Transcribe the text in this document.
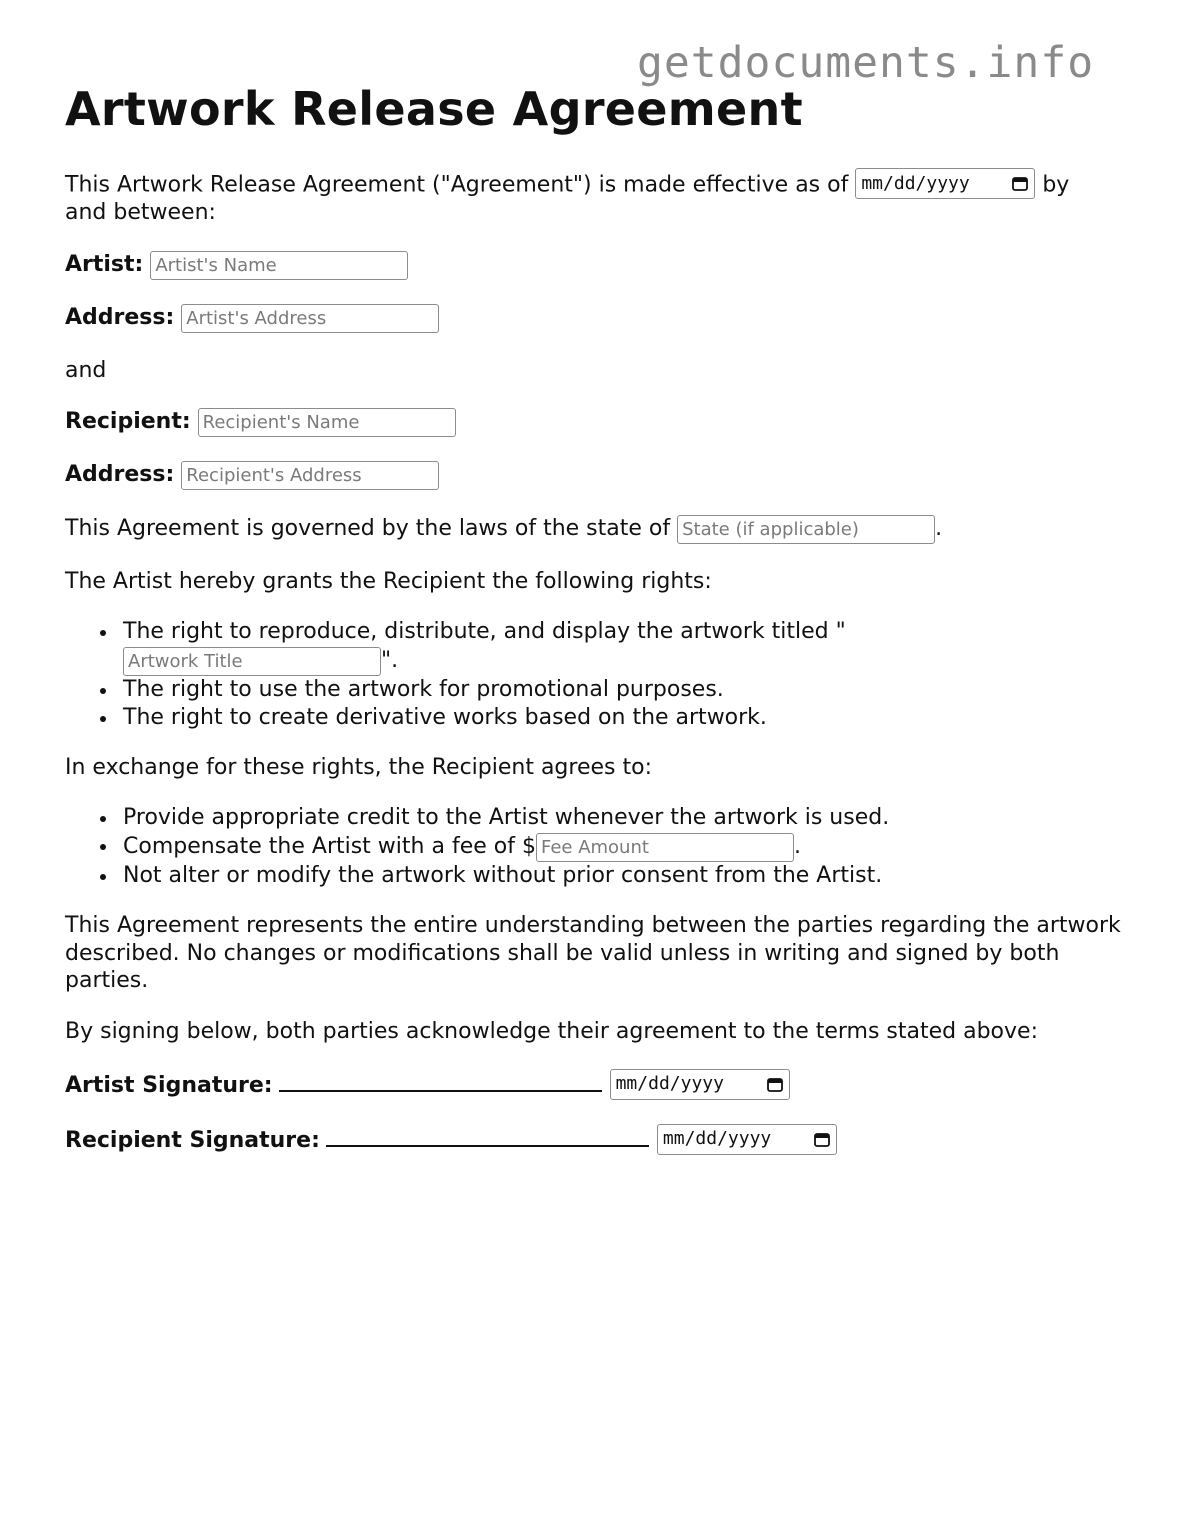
getdocuments.info
Artwork Release Agreement
This Artwork Release Agreement ("Agreement") is made effective as of mm/dd/yyyy	by
and between:
Artist: Artist's Name
Address: Artist's Address
and
Recipient: Recipient's Name
Address: Recipient's Address
This Agreement is governed by the laws of the state of State (if applicable)	.
The Artist hereby grants the Recipient the following rights:
The right to reproduce, distribute, and display the artwork titled "
Artwork Title".
The right to use the artwork for promotional purposes.
The right to create derivative works based on the artwork.
In exchange for these rights, the Recipient agrees to:
Provide appropriate credit to the Artist whenever the artwork is used.
Compensate the Artist with a fee of $Fee Amount	.
Not alter or modify the artwork without prior consent from the Artist.
This Agreement represents the entire understanding between the parties regarding the artwork described. No changes or modifications shall be valid unless in writing and signed by both parties.
By signing below, both parties acknowledge their agreement to the terms stated above:
Artist Signature:	mm/dd/yyyy
Recipient Signature:	mm/dd/yyyy
